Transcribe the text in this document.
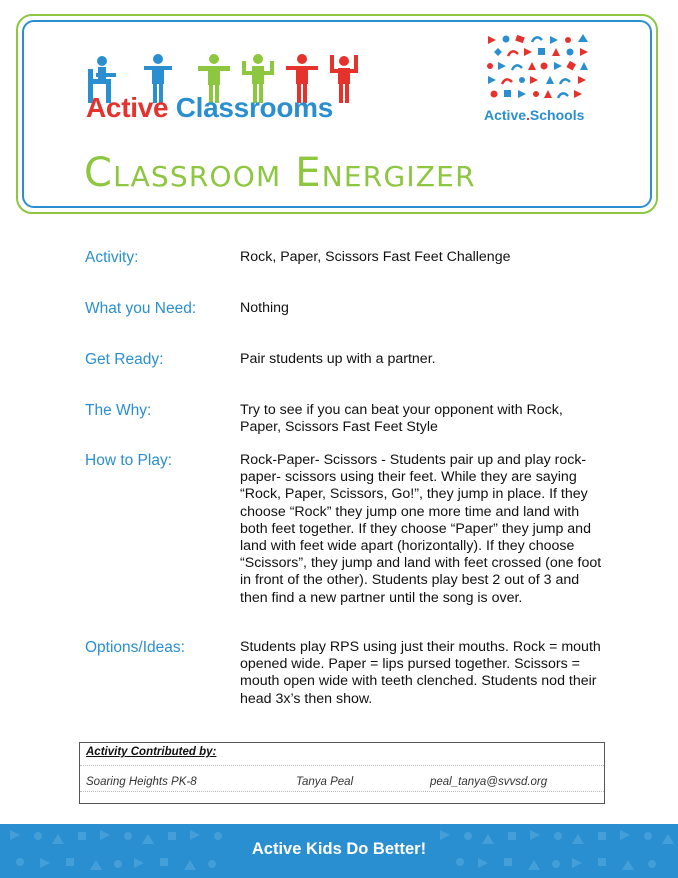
Active Classrooms	Active.Schools
Classroom Energizer
Activity:	Rock, Paper, Scissors Fast Feet Challenge
What you Need:	Nothing
Get Ready:	Pair students up with a partner.
The Why:	Try to see if you can beat your opponent with Rock, Paper, Scissors Fast Feet Style
How to Play:	Rock-Paper- Scissors - Students pair up and play rock-paper- scissors using their feet. While they are saying “Rock, Paper, Scissors, Go!”, they jump in place. If they choose “Rock” they jump one more time and land with both feet together. If they choose “Paper” they jump and land with feet wide apart (horizontally). If they choose “Scissors”, they jump and land with feet crossed (one foot in front of the other). Students play best 2 out of 3 and then find a new partner until the song is over.
Options/Ideas:	Students play RPS using just their mouths. Rock = mouth opened wide. Paper = lips pursed together. Scissors = mouth open wide with teeth clenched. Students nod their head 3x’s then show.
Activity Contributed by:
Soaring Heights PK-8	Tanya Peal	peal_tanya@svvsd.org
Active Kids Do Better!
